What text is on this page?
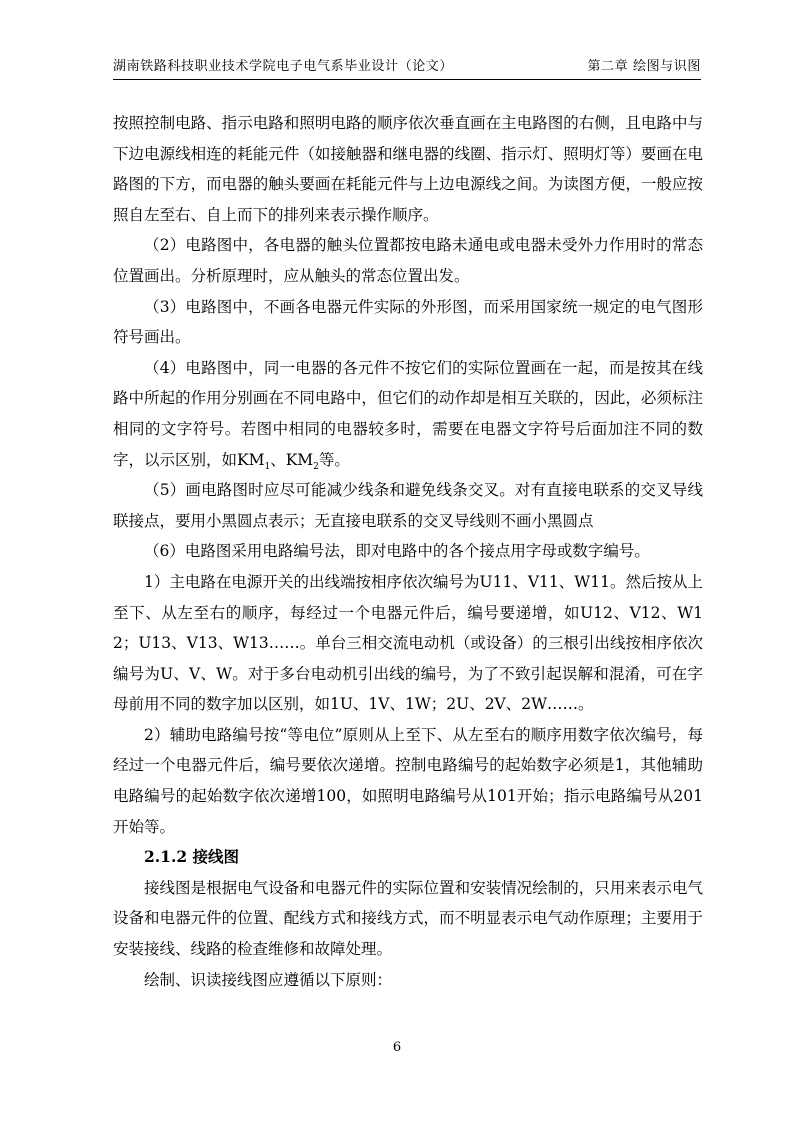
湖南铁路科技职业技术学院电子电气系毕业设计（论文）	第二章 绘图与识图

按照控制电路、指示电路和照明电路的顺序依次垂直画在主电路图的右侧，且电路中与下边电源线相连的耗能元件（如接触器和继电器的线圈、指示灯、照明灯等）要画在电路图的下方，而电器的触头要画在耗能元件与上边电源线之间。为读图方便，一般应按照自左至右、自上而下的排列来表示操作顺序。

（2）电路图中，各电器的触头位置都按电路未通电或电器未受外力作用时的常态位置画出。分析原理时，应从触头的常态位置出发。

（3）电路图中，不画各电器元件实际的外形图，而采用国家统一规定的电气图形符号画出。

（4）电路图中，同一电器的各元件不按它们的实际位置画在一起，而是按其在线路中所起的作用分别画在不同电路中，但它们的动作却是相互关联的，因此，必须标注相同的文字符号。若图中相同的电器较多时，需要在电器文字符号后面加注不同的数字，以示区别，如$KM_1$、$KM_2$等。

（5）画电路图时应尽可能减少线条和避免线条交叉。对有直接电联系的交叉导线联接点，要用小黑圆点表示；无直接电联系的交叉导线则不画小黑圆点

（6）电路图采用电路编号法，即对电路中的各个接点用字母或数字编号。

1）主电路在电源开关的出线端按相序依次编号为U11、V11、W11。然后按从上至下、从左至右的顺序，每经过一个电器元件后，编号要递增，如U12、V12、W12；U13、V13、W13……。单台三相交流电动机（或设备）的三根引出线按相序依次编号为U、V、W。对于多台电动机引出线的编号，为了不致引起误解和混淆，可在字母前用不同的数字加以区别，如1U、1V、1W；2U、2V、2W……。

2）辅助电路编号按“等电位”原则从上至下、从左至右的顺序用数字依次编号，每经过一个电器元件后，编号要依次递增。控制电路编号的起始数字必须是1，其他辅助电路编号的起始数字依次递增100，如照明电路编号从101开始；指示电路编号从201开始等。

2.1.2 接线图

接线图是根据电气设备和电器元件的实际位置和安装情况绘制的，只用来表示电气设备和电器元件的位置、配线方式和接线方式，而不明显表示电气动作原理；主要用于安装接线、线路的检查维修和故障处理。

绘制、识读接线图应遵循以下原则：

6
